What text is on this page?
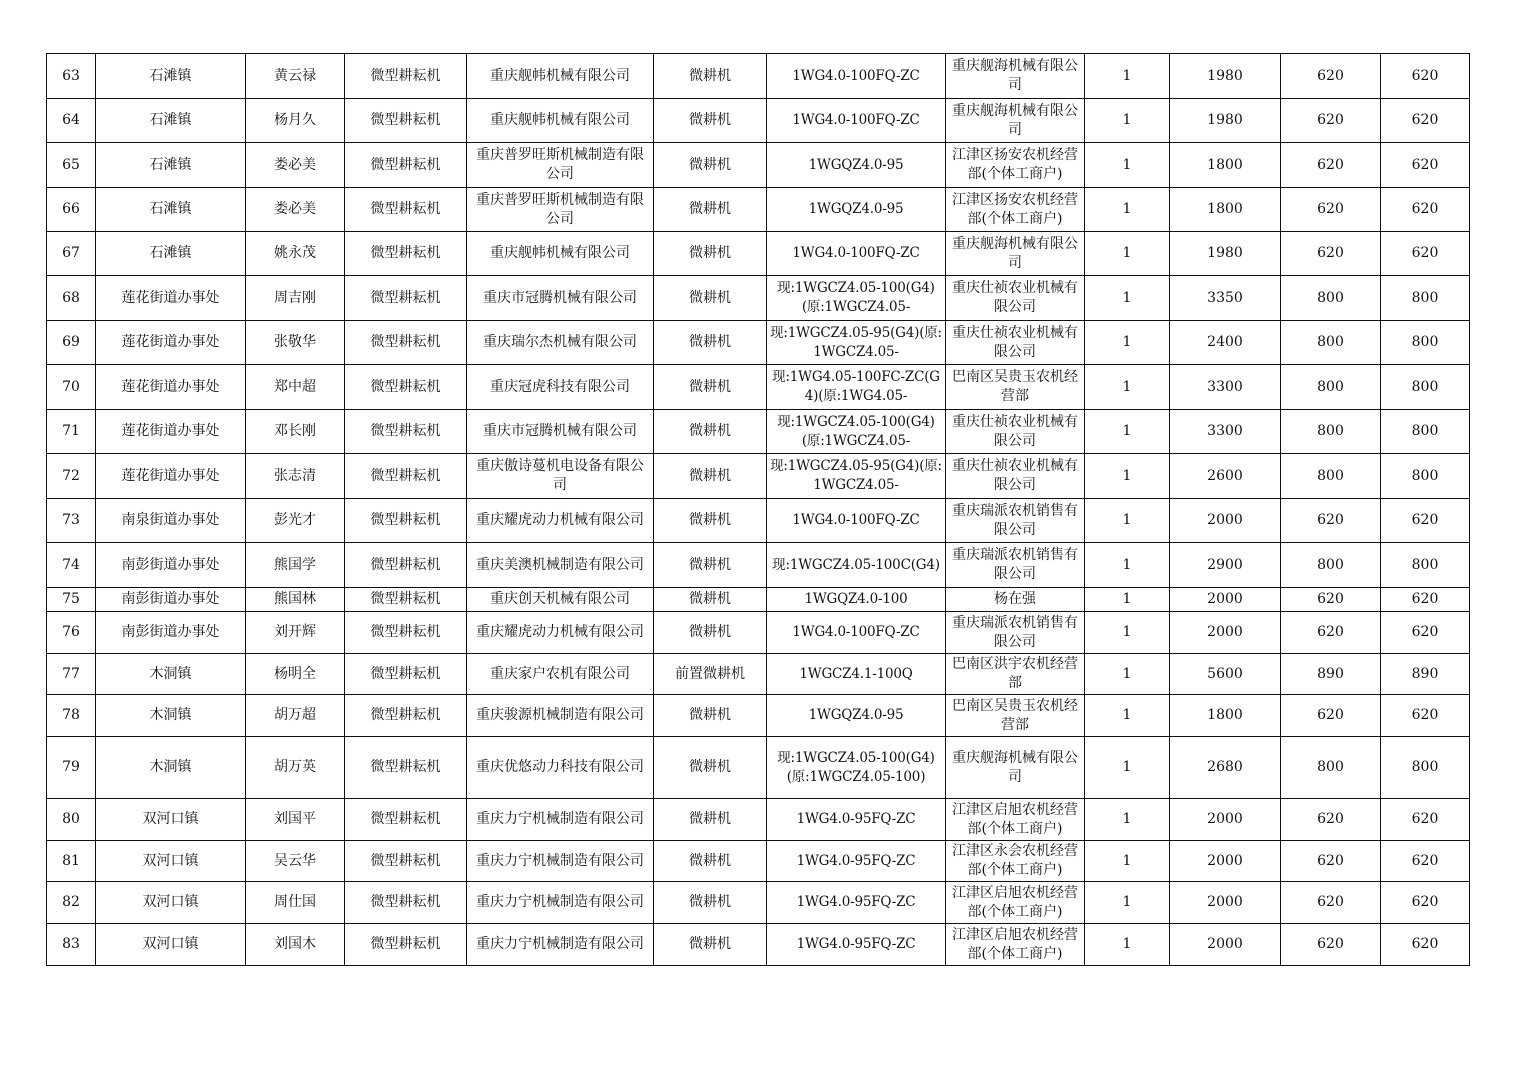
63	石滩镇	黄云禄	微型耕耘机	重庆舰帏机械有限公司	微耕机	1WG4.0-100FQ-ZC	重庆舰海机械有限公司	1	1980	620	620

64	石滩镇	杨月久	微型耕耘机	重庆舰帏机械有限公司	微耕机	1WG4.0-100FQ-ZC	重庆舰海机械有限公司	1	1980	620	620

65	石滩镇	娄必美	微型耕耘机	重庆普罗旺斯机械制造有限公司	微耕机	1WGQZ4.0-95	江津区扬安农机经营部(个体工商户)	1	1800	620	620

66	石滩镇	娄必美	微型耕耘机	重庆普罗旺斯机械制造有限公司	微耕机	1WGQZ4.0-95	江津区扬安农机经营部(个体工商户)	1	1800	620	620

67	石滩镇	姚永茂	微型耕耘机	重庆舰帏机械有限公司	微耕机	1WG4.0-100FQ-ZC	重庆舰海机械有限公司	1	1980	620	620

68	莲花街道办事处	周吉刚	微型耕耘机	重庆市冠腾机械有限公司	微耕机	现:1WGCZ4.05-100(G4)(原:1WGCZ4.05-	重庆仕祯农业机械有限公司	1	3350	800	800

69	莲花街道办事处	张敬华	微型耕耘机	重庆瑞尔杰机械有限公司	微耕机	现:1WGCZ4.05-95(G4)(原:1WGCZ4.05-	重庆仕祯农业机械有限公司	1	2400	800	800

70	莲花街道办事处	郑中超	微型耕耘机	重庆冠虎科技有限公司	微耕机	现:1WG4.05-100FC-ZC(G4)(原:1WG4.05-	巴南区吴贵玉农机经营部	1	3300	800	800

71	莲花街道办事处	邓长刚	微型耕耘机	重庆市冠腾机械有限公司	微耕机	现:1WGCZ4.05-100(G4)(原:1WGCZ4.05-	重庆仕祯农业机械有限公司	1	3300	800	800

72	莲花街道办事处	张志清	微型耕耘机	重庆傲诗蔓机电设备有限公司	微耕机	现:1WGCZ4.05-95(G4)(原:1WGCZ4.05-	重庆仕祯农业机械有限公司	1	2600	800	800

73	南泉街道办事处	彭光才	微型耕耘机	重庆耀虎动力机械有限公司	微耕机	1WG4.0-100FQ-ZC	重庆瑞派农机销售有限公司	1	2000	620	620

74	南彭街道办事处	熊国学	微型耕耘机	重庆美澳机械制造有限公司	微耕机	现:1WGCZ4.05-100C(G4)	重庆瑞派农机销售有限公司	1	2900	800	800

75	南彭街道办事处	熊国林	微型耕耘机	重庆创天机械有限公司	微耕机	1WGQZ4.0-100	杨在强	1	2000	620	620

76	南彭街道办事处	刘开辉	微型耕耘机	重庆耀虎动力机械有限公司	微耕机	1WG4.0-100FQ-ZC	重庆瑞派农机销售有限公司	1	2000	620	620

77	木洞镇	杨明全	微型耕耘机	重庆家户农机有限公司	前置微耕机	1WGCZ4.1-100Q	巴南区洪宇农机经营部	1	5600	890	890

78	木洞镇	胡万超	微型耕耘机	重庆骏源机械制造有限公司	微耕机	1WGQZ4.0-95	巴南区吴贵玉农机经营部	1	1800	620	620

79	木洞镇	胡万英	微型耕耘机	重庆优悠动力科技有限公司	微耕机	现:1WGCZ4.05-100(G4)(原:1WGCZ4.05-100)	重庆舰海机械有限公司	1	2680	800	800

80	双河口镇	刘国平	微型耕耘机	重庆力宁机械制造有限公司	微耕机	1WG4.0-95FQ-ZC	江津区启旭农机经营部(个体工商户)	1	2000	620	620

81	双河口镇	吴云华	微型耕耘机	重庆力宁机械制造有限公司	微耕机	1WG4.0-95FQ-ZC	江津区永会农机经营部(个体工商户)	1	2000	620	620

82	双河口镇	周仕国	微型耕耘机	重庆力宁机械制造有限公司	微耕机	1WG4.0-95FQ-ZC	江津区启旭农机经营部(个体工商户)	1	2000	620	620

83	双河口镇	刘国木	微型耕耘机	重庆力宁机械制造有限公司	微耕机	1WG4.0-95FQ-ZC	江津区启旭农机经营部(个体工商户)	1	2000	620	620
